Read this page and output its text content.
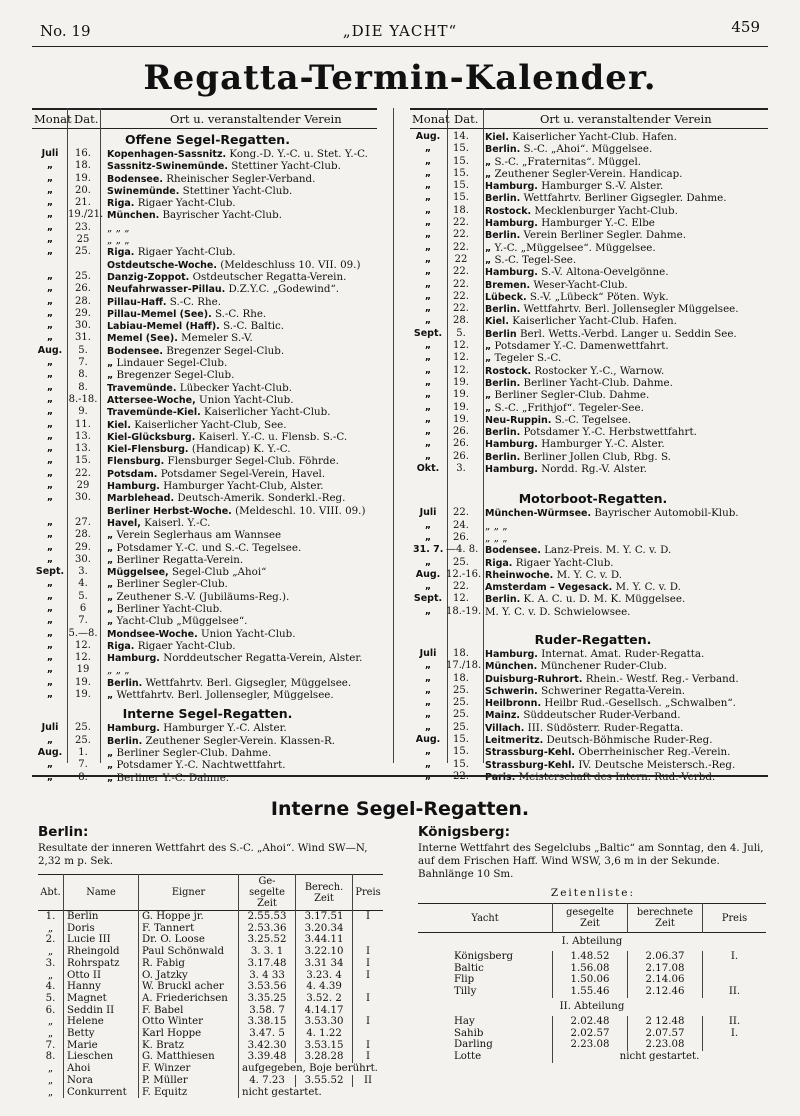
No. 19	„DIE YACHT“	459
Regatta-Termin-Kalender.
Monat Dat.	Ort u. veranstaltender Verein	Monat Dat.	Ort u. veranstaltender Verein
Offene Segel-Regatten.
Juli	16.	Kopenhagen-Sassnitz. Kong.-D. Y.-C. u. Stet. Y.-C.
„	18.	Sassnitz-Swinemünde. Stettiner Yacht-Club.
„	19.	Bodensee. Rheinischer Segler-Verband.
„	20.	Swinemünde. Stettiner Yacht-Club.
„	21.	Riga. Rigaer Yacht-Club.
„	19./21. München. Bayrischer Yacht-Club.
„	23.	„ „ „
„	25	„ „ „
„	25.	Riga. Rigaer Yacht-Club.
Ostdeutsche-Woche. (Meldeschluss 10. VII. 09.)
„	25.	Danzig-Zoppot. Ostdeutscher Regatta-Verein.
„	26.	Neufahrwasser-Pillau. D.Z.Y.C. „Godewind“.
„	28.	Pillau-Haff. S.-C. Rhe.
„	29.	Pillau-Memel (See). S.-C. Rhe.
„	30.	Labiau-Memel (Haff). S.-C. Baltic.
„	31.	Memel (See). Memeler S.-V.
Aug.	5.	Bodensee. Bregenzer Segel-Club.
„	7.	„ Lindauer Segel-Club.
„	8.	„ Bregenzer Segel-Club.
„	8.	Travemünde. Lübecker Yacht-Club.
„	8.-18. Attersee-Woche, Union Yacht-Club.
„	9.	Travemünde-Kiel. Kaiserlicher Yacht-Club.
„	11.	Kiel. Kaiserlicher Yacht-Club, See.
„	13.	Kiel-Glücksburg. Kaiserl. Y.-C. u. Flensb. S.-C.
„	13.	Kiel-Flensburg. (Handicap) K. Y.-C.
„	15.	Flensburg. Flensburger Segel-Club. Föhrde.
„	22.	Potsdam. Potsdamer Segel-Verein, Havel.
„	29	Hamburg. Hamburger Yacht-Club, Alster.
„	30.	Marblehead. Deutsch-Amerik. Sonderkl.-Reg.
Berliner Herbst-Woche. (Meldeschl. 10. VIII. 09.)
„	27.	Havel, Kaiserl. Y.-C.
„	28.	„ Verein Seglerhaus am Wannsee
„	29.	„ Potsdamer Y.-C. und S.-C. Tegelsee.
„	30.	„ Berliner Regatta-Verein.
Sept.	3.	Müggelsee, Segel-Club „Ahoi“
„	4.	„ Berliner Segler-Club.
„	5.	„ Zeuthener S.-V. (Jubiläums-Reg.).
„	6	„ Berliner Yacht-Club.
„	7.	„ Yacht-Club „Müggelsee“.
„	5.—8. Mondsee-Woche. Union Yacht-Club.
„	12.	Riga. Rigaer Yacht-Club.
„	12.	Hamburg. Norddeutscher Regatta-Verein, Alster.
„	19	„ „ „
„	19.	Berlin. Wettfahrtv. Berl. Gigsegler, Müggelsee.
„	19.	„ Wettfahrtv. Berl. Jollensegler, Müggelsee.
Interne Segel-Regatten.
Juli	25.	Hamburg. Hamburger Y.-C. Alster.
„	25.	Berlin. Zeuthener Segler-Verein. Klassen-R.
Aug.	1.	„ Berliner Segler-Club. Dahme.
„	7.	„ Potsdamer Y.-C. Nachtwettfahrt.
„	8.	„ Berliner Y.-C. Dahme.
Aug.	14.	Kiel. Kaiserlicher Yacht-Club. Hafen.
„	15.	Berlin. S.-C. „Ahoi“. Müggelsee.
„	15.	„ S.-C. „Fraternitas“. Müggel.
„	15.	„ Zeuthener Segler-Verein. Handicap.
„	15.	Hamburg. Hamburger S.-V. Alster.
„	15.	Berlin. Wettfahrtv. Berliner Gigsegler. Dahme.
„	18.	Rostock. Mecklenburger Yacht-Club.
„	22.	Hamburg. Hamburger Y.-C. Elbe
„	22.	Berlin. Verein Berliner Segler. Dahme.
„	22.	„ Y.-C. „Müggelsee“. Müggelsee.
„	22	„ S.-C. Tegel-See.
„	22.	Hamburg. S.-V. Altona-Oevelgönne.
„	22.	Bremen. Weser-Yacht-Club.
„	22.	Lübeck. S.-V. „Lübeck“ Pöten. Wyk.
„	22.	Berlin. Wettfahrtv. Berl. Jollensegler Müggelsee.
„	28.	Kiel. Kaiserlicher Yacht-Club. Hafen.
Sept.	5.	Berlin Berl. Wetts.-Verbd. Langer u. Seddin See.
„	12.	„ Potsdamer Y.-C. Damenwettfahrt.
„	12.	„ Tegeler S.-C.
„	12.	Rostock. Rostocker Y.-C., Warnow.
„	19.	Berlin. Berliner Yacht-Club. Dahme.
„	19.	„ Berliner Segler-Club. Dahme.
„	19.	„ S.-C. „Frithjof“. Tegeler-See.
„	19.	Neu-Ruppin. S.-C. Tegelsee.
„	26.	Berlin. Potsdamer Y.-C. Herbstwettfahrt.
„	26.	Hamburg. Hamburger Y.-C. Alster.
„	26.	Berlin. Berliner Jollen Club, Rbg. S.
Okt.	3.	Hamburg. Nordd. Rg.-V. Alster.
Motorboot-Regatten.
Juli	22.	München-Würmsee. Bayrischer Automobil-Klub.
„	24.	„ „ „
„	26.	„ „ „
31. 7. —4. 8. Bodensee. Lanz-Preis. M. Y. C. v. D.
„	25.	Riga. Rigaer Yacht-Club.
Aug. 12.-16. Rheinwoche. M. Y. C. v. D.
„	22.	Amsterdam – Vegesack. M. Y. C. v. D.
Sept.	12.	Berlin. K. A. C. u. D. M. K. Müggelsee.
„	18.-19. M. Y. C. v. D. Schwielowsee.
Ruder-Regatten.
Juli	18.	Hamburg. Internat. Amat. Ruder-Regatta.
„	17./18. München. Münchener Ruder-Club.
„	18.	Duisburg-Ruhrort. Rhein.- Westf. Reg.- Verband.
„	25.	Schwerin. Schweriner Regatta-Verein.
„	25.	Heilbronn. Heilbr Rud.-Gesellsch. „Schwalben“.
„	25.	Mainz. Süddeutscher Ruder-Verband.
„	25.	Villach. III. Südösterr. Ruder-Regatta.
Aug.	15.	Leitmeritz. Deutsch-Böhmische Ruder-Reg.
„	15.	Strassburg-Kehl. Oberrheinischer Reg.-Verein.
„	15.	Strassburg-Kehl. IV. Deutsche Meistersch.-Reg.
„	22.	Paris. Meisterschaft des Intern. Rud.-Verbd.
Interne Segel-Regatten.
Berlin:
Resultate der inneren Wettfahrt des S.-C. „Ahoi“. Wind SW—N, 2,32 m p. Sek.
Abt.	Name	Eigner	Ge-segelte Zeit	Berech. Zeit	Preis
1.	Berlin	G. Hoppe jr.	2.55.53	3.17.51	I
„	Doris	F. Tannert	2.53.36	3.20.34	
2.	Lucie III	Dr. O. Loose	3.25.52	3.44.11	
„	Rheingold	Paul Schönwald	3. 3. 1	3.22.10	I
3.	Rohrspatz	R. Fabig	3.17.48	3.31 34	I
„	Otto II	O. Jatzky	3. 4 33	3.23. 4	I
4.	Hanny	W. Bruckl acher	3.53.56	4. 4.39	
5.	Magnet	A. Friederichsen	3.35.25	3.52. 2	I
6.	Seddin II	F. Babel	3.58. 7	4.14.17	
„	Helene	Otto Winter	3.38.15	3.53.30	I
„	Betty	Karl Hoppe	3.47. 5	4. 1.22	
7.	Marie	K. Bratz	3.42.30	3.53.15	I
8.	Lieschen	G. Matthiesen	3.39.48	3.28.28	I
„	Ahoi	F. Winzer	aufgegeben, Boje berührt.		
„	Nora	P. Müller	4. 7.23	3.55.52	II
„	Conkurrent	F. Equitz	nicht gestartet.		
Königsberg:
Interne Wettfahrt des Segelclubs „Baltic“ am Sonntag, den 4. Juli, auf dem Frischen Haff. Wind WSW, 3,6 m in der Sekunde. Bahnlänge 10 Sm.
Zeitenliste:
Yacht	gesegelte Zeit	berechnete Zeit	Preis
I. Abteilung			
Königsberg	1.48.52	2.06.37	I.
Baltic	1.56.08	2.17.08	
Flip	1.50.06	2.14.06	
Tilly	1.55.46	2.12.46	II.
II. Abteilung			
Hay	2.02.48	2 12.48	II.
Sahib	2.02.57	2.07.57	I.
Darling	2.23.08	2.23.08	
Lotte	nicht gestartet.		
